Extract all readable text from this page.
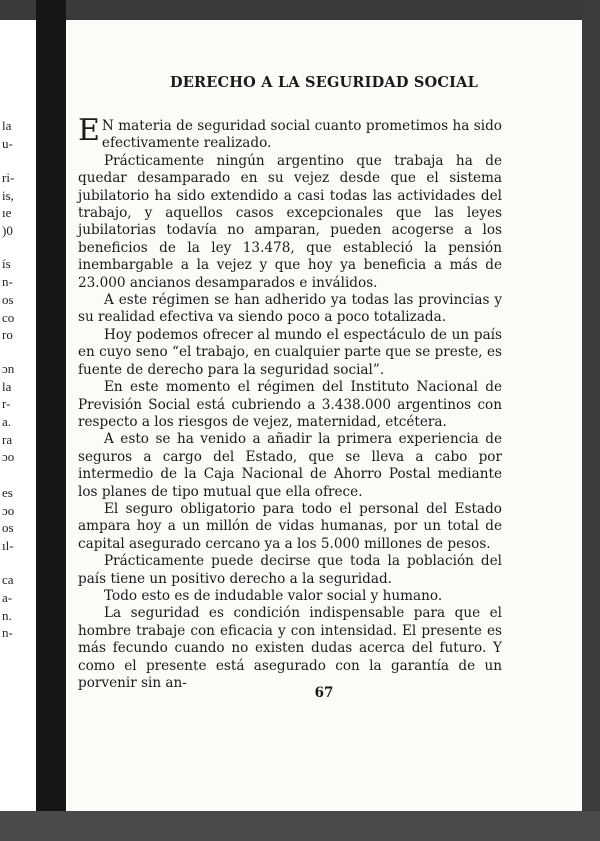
la
u-
ri-
is,
ıe
)0
ís
n-
os
co
ro
ɔn
la
r-
a.
ra
ɔo
es
ɔo
os
ıl-
ca
a-
n.
n-
DERECHO A LA SEGURIDAD SOCIAL

E N materia de seguridad social cuanto prometimos ha sido efectivamente realizado.

Prácticamente ningún argentino que trabaja ha de quedar desamparado en su vejez desde que el sistema jubilatorio ha sido extendido a casi todas las actividades del trabajo, y aquellos casos excepcionales que las leyes jubilatorias todavía no amparan, pueden acogerse a los beneficios de la ley 13.478, que estableció la pensión inembargable a la vejez y que hoy ya beneficia a más de 23.000 ancianos desamparados e inválidos.

A este régimen se han adherido ya todas las provincias y su realidad efectiva va siendo poco a poco totalizada.

Hoy podemos ofrecer al mundo el espectáculo de un país en cuyo seno “el trabajo, en cualquier parte que se preste, es fuente de derecho para la seguridad social”.

En este momento el régimen del Instituto Nacional de Previsión Social está cubriendo a 3.438.000 argentinos con respecto a los riesgos de vejez, maternidad, etcétera.

A esto se ha venido a añadir la primera experiencia de seguros a cargo del Estado, que se lleva a cabo por intermedio de la Caja Nacional de Ahorro Postal mediante los planes de tipo mutual que ella ofrece.

El seguro obligatorio para todo el personal del Estado ampara hoy a un millón de vidas humanas, por un total de capital asegurado cercano ya a los 5.000 millones de pesos.

Prácticamente puede decirse que toda la población del país tiene un positivo derecho a la seguridad.

Todo esto es de indudable valor social y humano.

La seguridad es condición indispensable para que el hombre trabaje con eficacia y con intensidad. El presente es más fecundo cuando no existen dudas acerca del futuro. Y como el presente está asegurado con la garantía de un porvenir sin an-

67
